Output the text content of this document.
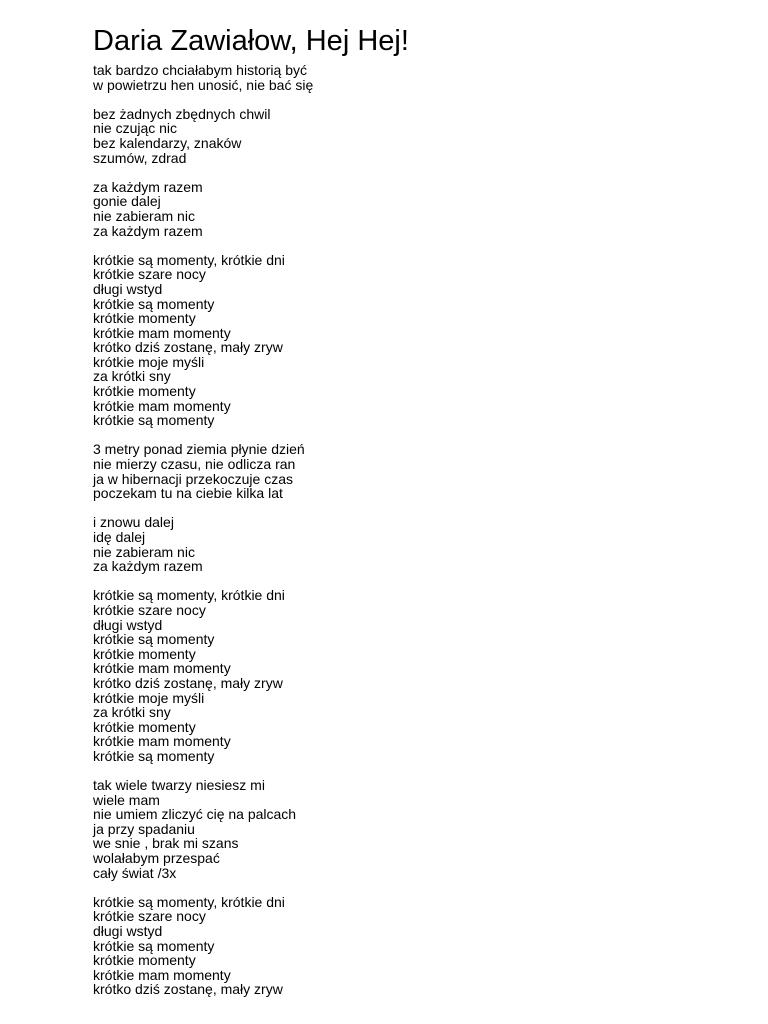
Daria Zawiałow, Hej Hej!
tak bardzo chciałabym historią być
w powietrzu hen unosić, nie bać się
bez żadnych zbędnych chwil
nie czując nic
bez kalendarzy, znaków
szumów, zdrad
za każdym razem
gonie dalej
nie zabieram nic
za każdym razem
krótkie są momenty, krótkie dni
krótkie szare nocy
długi wstyd
krótkie są momenty
krótkie momenty
krótkie mam momenty
krótko dziś zostanę, mały zryw
krótkie moje myśli
za krótki sny
krótkie momenty
krótkie mam momenty
krótkie są momenty
3 metry ponad ziemia płynie dzień
nie mierzy czasu, nie odlicza ran
ja w hibernacji przekoczuje czas
poczekam tu na ciebie kilka lat
i znowu dalej
idę dalej
nie zabieram nic
za każdym razem
krótkie są momenty, krótkie dni
krótkie szare nocy
długi wstyd
krótkie są momenty
krótkie momenty
krótkie mam momenty
krótko dziś zostanę, mały zryw
krótkie moje myśli
za krótki sny
krótkie momenty
krótkie mam momenty
krótkie są momenty
tak wiele twarzy niesiesz mi
wiele mam
nie umiem zliczyć cię na palcach
ja przy spadaniu
we snie , brak mi szans
wolałabym przespać
cały świat /3x
krótkie są momenty, krótkie dni
krótkie szare nocy
długi wstyd
krótkie są momenty
krótkie momenty
krótkie mam momenty
krótko dziś zostanę, mały zryw
